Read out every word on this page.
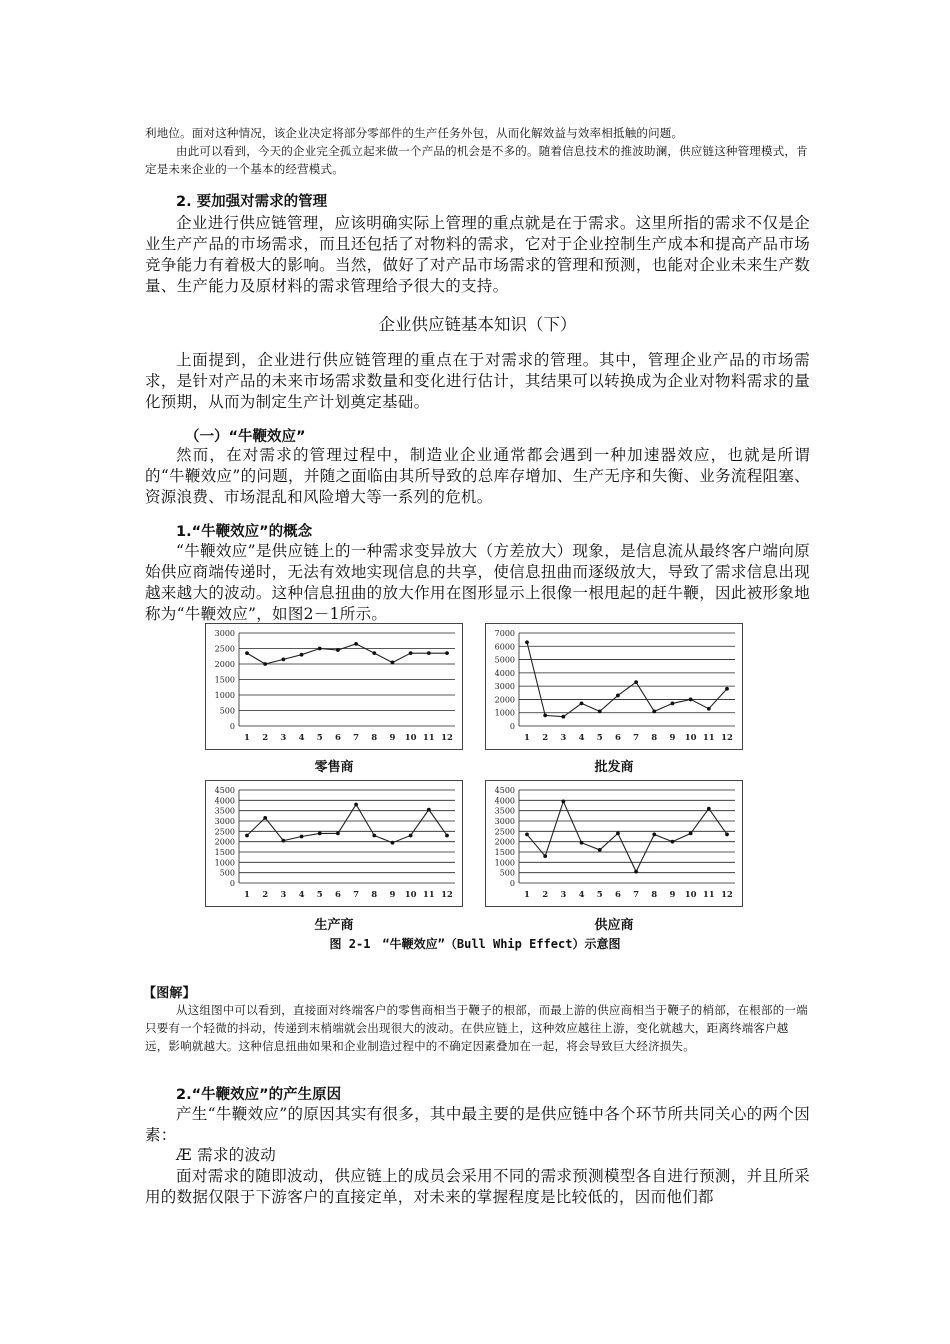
利地位。面对这种情况，该企业决定将部分零部件的生产任务外包，从而化解效益与效率相抵触的问题。

由此可以看到，今天的企业完全孤立起来做一个产品的机会是不多的。随着信息技术的推波助澜，供应链这种管理模式，肯定是未来企业的一个基本的经营模式。

2. 要加强对需求的管理

企业进行供应链管理，应该明确实际上管理的重点就是在于需求。这里所指的需求不仅是企业生产产品的市场需求，而且还包括了对物料的需求，它对于企业控制生产成本和提高产品市场竞争能力有着极大的影响。当然，做好了对产品市场需求的管理和预测，也能对企业未来生产数量、生产能力及原材料的需求管理给予很大的支持。

企业供应链基本知识（下）

上面提到，企业进行供应链管理的重点在于对需求的管理。其中，管理企业产品的市场需求，是针对产品的未来市场需求数量和变化进行估计，其结果可以转换成为企业对物料需求的量化预期，从而为制定生产计划奠定基础。

（一）“牛鞭效应”

然而，在对需求的管理过程中，制造业企业通常都会遇到一种加速器效应，也就是所谓的“牛鞭效应”的问题，并随之面临由其所导致的总库存增加、生产无序和失衡、业务流程阻塞、资源浪费、市场混乱和风险增大等一系列的危机。

1.“牛鞭效应”的概念

“牛鞭效应”是供应链上的一种需求变异放大（方差放大）现象，是信息流从最终客户端向原始供应商端传递时，无法有效地实现信息的共享，使信息扭曲而逐级放大，导致了需求信息出现越来越大的波动。这种信息扭曲的放大作用在图形显示上很像一根甩起的赶牛鞭，因此被形象地称为“牛鞭效应”，如图2－1所示。

【图解】

从这组图中可以看到，直接面对终端客户的零售商相当于鞭子的根部，而最上游的供应商相当于鞭子的梢部，在根部的一端只要有一个轻微的抖动，传递到末梢端就会出现很大的波动。在供应链上，这种效应越往上游，变化就越大，距离终端客户越远，影响就越大。这种信息扭曲如果和企业制造过程中的不确定因素叠加在一起，将会导致巨大经济损失。

2.“牛鞭效应”的产生原因

产生“牛鞭效应”的原因其实有很多，其中最主要的是供应链中各个环节所共同关心的两个因素：

Æ 需求的波动

面对需求的随即波动，供应链上的成员会采用不同的需求预测模型各自进行预测，并且所采用的数据仅限于下游客户的直接定单，对未来的掌握程度是比较低的，因而他们都

0
500
1000
1500
2000
2500
3000
1 2 3 4 5 6 7 8 9 10 11 12
零售商
0
1000
2000
3000
4000
5000
6000
7000
1 2 3 4 5 6 7 8 9 10 11 12
批发商
0
500
1000
1500
2000
2500
3000
3500
4000
4500
1 2 3 4 5 6 7 8 9 10 11 12
生产商
0
500
1000
1500
2000
2500
3000
3500
4000
4500
1 2 3 4 5 6 7 8 9 10 11 12
供应商
图 2-1　“牛鞭效应”（Bull Whip Effect）示意图
